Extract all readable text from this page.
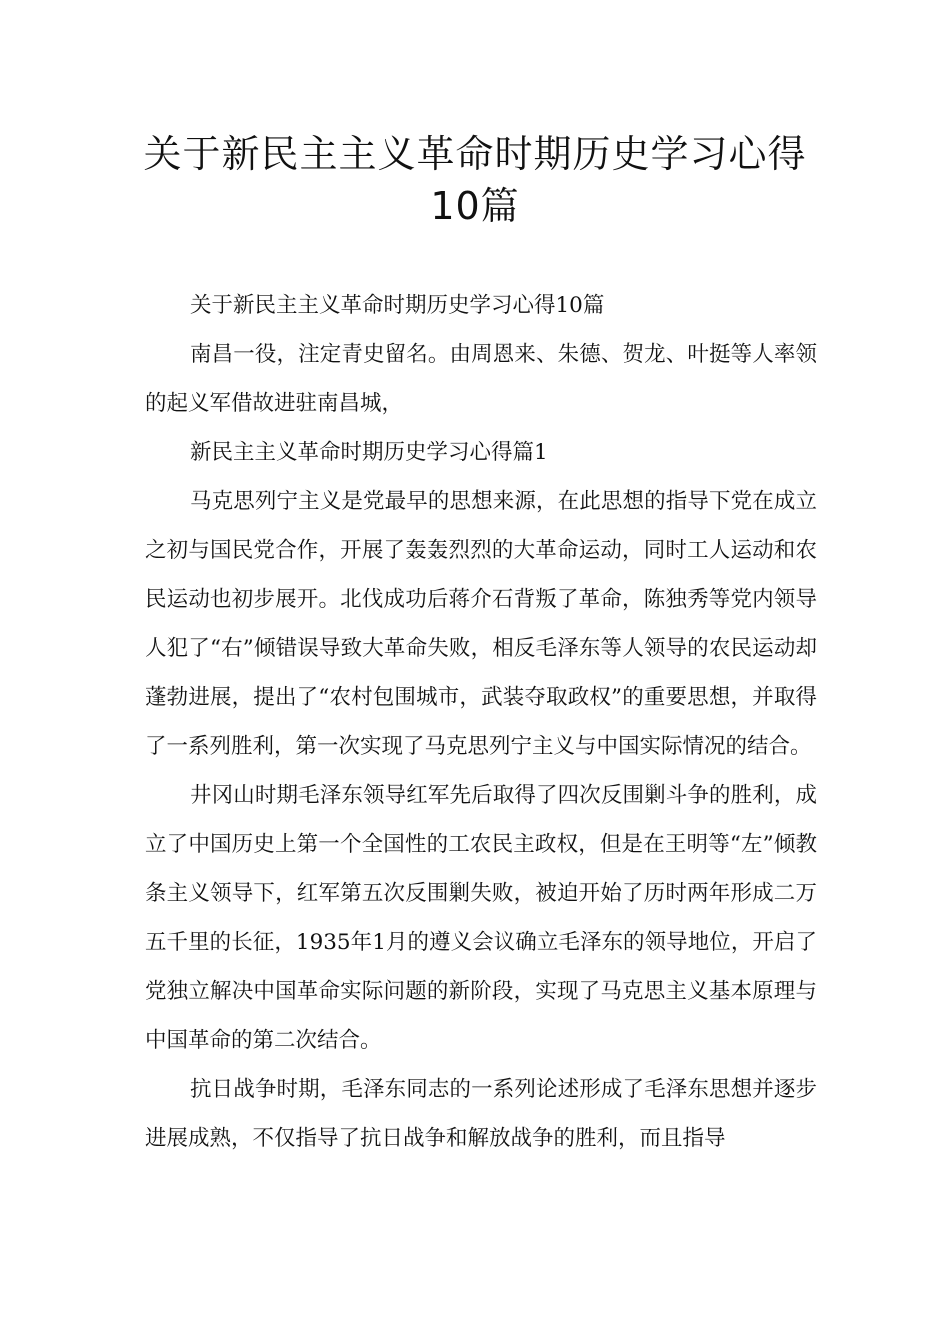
关于新民主主义革命时期历史学习心得
10篇

关于新民主主义革命时期历史学习心得10篇

南昌一役，注定青史留名。由周恩来、朱德、贺龙、叶挺等人率领的起义军借故进驻南昌城，

新民主主义革命时期历史学习心得篇1

马克思列宁主义是党最早的思想来源，在此思想的指导下党在成立之初与国民党合作，开展了轰轰烈烈的大革命运动，同时工人运动和农民运动也初步展开。北伐成功后蒋介石背叛了革命，陈独秀等党内领导人犯了“右”倾错误导致大革命失败，相反毛泽东等人领导的农民运动却蓬勃进展，提出了“农村包围城市，武装夺取政权”的重要思想，并取得了一系列胜利，第一次实现了马克思列宁主义与中国实际情况的结合。

井冈山时期毛泽东领导红军先后取得了四次反围剿斗争的胜利，成立了中国历史上第一个全国性的工农民主政权，但是在王明等“左”倾教条主义领导下，红军第五次反围剿失败，被迫开始了历时两年形成二万五千里的长征，1935年1月的遵义会议确立毛泽东的领导地位，开启了党独立解决中国革命实际问题的新阶段，实现了马克思主义基本原理与中国革命的第二次结合。

抗日战争时期，毛泽东同志的一系列论述形成了毛泽东思想并逐步进展成熟，不仅指导了抗日战争和解放战争的胜利，而且指导
